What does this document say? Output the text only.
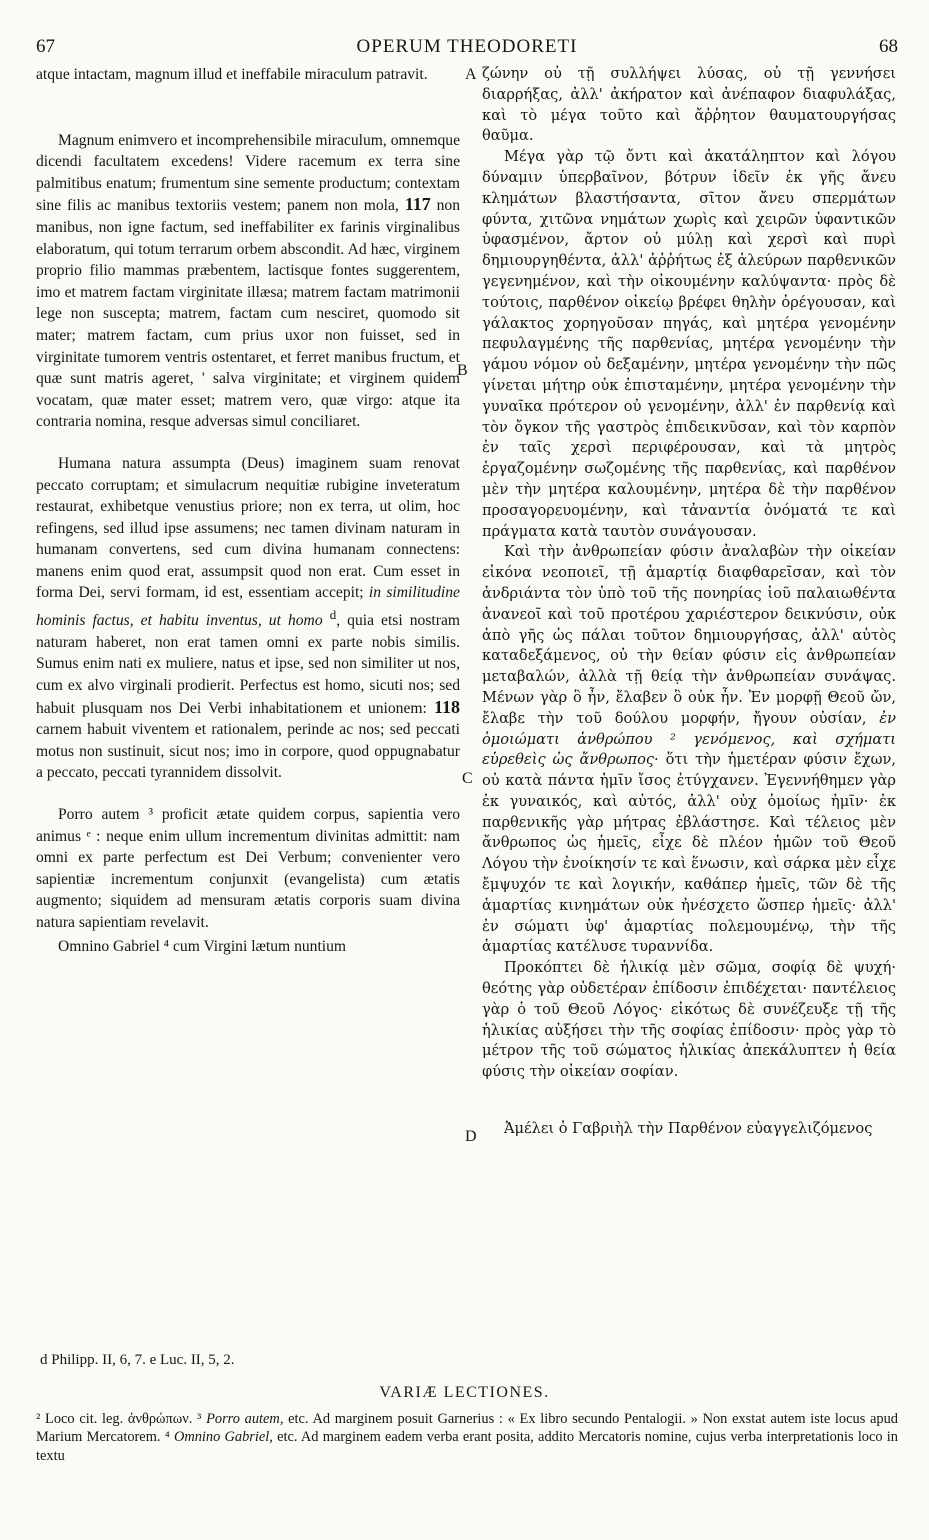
67	OPERUM THEODORETI	68
A
B
C
D

atque intactam, magnum illud et ineffabile miraculum patravit.

Magnum enimvero et incomprehensibile miraculum, omnemque dicendi facultatem excedens! Videre racemum ex terra sine palmitibus enatum; frumentum sine semente productum; contextam sine filis ac manibus textoriis vestem; panem non mola, 117 non manibus, non igne factum, sed ineffabiliter ex farinis virginalibus elaboratum, qui totum terrarum orbem abscondit. Ad hæc, virginem proprio filio mammas præbentem, lactisque fontes suggerentem, imo et matrem factam virginitate illæsa; matrem factam matrimonii lege non suscepta; matrem, factam cum nesciret, quomodo sit mater; matrem factam, cum prius uxor non fuisset, sed in virginitate tumorem ventris ostentaret, et ferret manibus fructum, et quæ sunt matris ageret, ' salva virginitate; et virginem quidem vocatam, quæ mater esset; matrem vero, quæ virgo: atque ita contraria nomina, resque adversas simul conciliaret.

Humana natura assumpta (Deus) imaginem suam renovat peccato corruptam; et simulacrum nequitiæ rubigine inveteratum restaurat, exhibetque venustius priore; non ex terra, ut olim, hoc refingens, sed illud ipse assumens; nec tamen divinam naturam in humanam convertens, sed cum divina humanam connectens: manens enim quod erat, assumpsit quod non erat. Cum esset in forma Dei, servi formam, id est, essentiam accepit; in similitudine hominis factus, et habitu inventus, ut homo $^d$, quia etsi nostram naturam haberet, non erat tamen omni ex parte nobis similis. Sumus enim nati ex muliere, natus et ipse, sed non similiter ut nos, cum ex alvo virginali prodierit. Perfectus est homo, sicuti nos; sed habuit plusquam nos Dei Verbi inhabitationem et unionem: 118 carnem habuit viventem et rationalem, perinde ac nos; sed peccati motus non sustinuit, sicut nos; imo in corpore, quod oppugnabatur a peccato, peccati tyrannidem dissolvit.

Porro autem ³ proficit ætate quidem corpus, sapientia vero animus ᵉ : neque enim ullum incrementum divinitas admittit: nam omni ex parte perfectum est Dei Verbum; convenienter vero sapientiæ incrementum conjunxit (evangelista) cum ætatis augmento; siquidem ad mensuram ætatis corporis suam divina natura sapientiam revelavit.

Omnino Gabriel ⁴ cum Virgini lætum nuntium

ζώνην οὐ τῇ συλλήψει λύσας, οὐ τῇ γεννήσει διαρρήξας, ἀλλ' ἀκήρατον καὶ ἀνέπαφον διαφυλάξας, καὶ τὸ μέγα τοῦτο καὶ ἄῤῥητον θαυματουργήσας θαῦμα.

Μέγα γὰρ τῷ ὄντι καὶ ἀκατάληπτον καὶ λόγου δύναμιν ὑπερβαῖνον, βότρυν ἰδεῖν ἐκ γῆς ἄνευ κλημάτων βλαστήσαντα, σῖτον ἄνευ σπερμάτων φύντα, χιτῶνα νημάτων χωρὶς καὶ χειρῶν ὑφαντικῶν ὑφασμένον, ἄρτον οὐ μύλῃ καὶ χερσὶ καὶ πυρὶ δημιουργηθέντα, ἀλλ' ἀῤῥήτως ἐξ ἀλεύρων παρθενικῶν γεγενημένον, καὶ τὴν οἰκουμένην καλύψαντα· πρὸς δὲ τούτοις, παρθένον οἰκείῳ βρέφει θηλὴν ὀρέγουσαν, καὶ γάλακτος χορηγοῦσαν πηγάς, καὶ μητέρα γενομένην πεφυλαγμένης τῆς παρθενίας, μητέρα γενομένην τὴν γάμου νόμον οὐ δεξαμένην, μητέρα γενομένην τὴν πῶς γίνεται μήτηρ οὐκ ἐπισταμένην, μητέρα γενομένην τὴν γυναῖκα πρότερον οὐ γενομένην, ἀλλ' ἐν παρθενίᾳ καὶ τὸν ὄγκον τῆς γαστρὸς ἐπιδεικνῦσαν, καὶ τὸν καρπὸν ἐν ταῖς χερσὶ περιφέρουσαν, καὶ τὰ μητρὸς ἐργαζομένην σωζομένης τῆς παρθενίας, καὶ παρθένον μὲν τὴν μητέρα καλουμένην, μητέρα δὲ τὴν παρθένον προσαγορευομένην, καὶ τἀναντία ὀνόματά τε καὶ πράγματα κατὰ ταυτὸν συνάγουσαν.

Καὶ τὴν ἀνθρωπείαν φύσιν ἀναλαβὼν τὴν οἰκείαν εἰκόνα νεοποιεῖ, τῇ ἁμαρτίᾳ διαφθαρεῖσαν, καὶ τὸν ἀνδριάντα τὸν ὑπὸ τοῦ τῆς πονηρίας ἰοῦ παλαιωθέντα ἀνανεοῖ καὶ τοῦ προτέρου χαριέστερον δεικνύσιν, οὐκ ἀπὸ γῆς ὡς πάλαι τοῦτον δημιουργήσας, ἀλλ' αὐτὸς καταδεξάμενος, οὐ τὴν θείαν φύσιν εἰς ἀνθρωπείαν μεταβαλών, ἀλλὰ τῇ θείᾳ τὴν ἀνθρωπείαν συνάψας. Μένων γὰρ ὃ ἦν, ἔλαβεν ὃ οὐκ ἦν. Ἐν μορφῇ Θεοῦ ὤν, ἔλαβε τὴν τοῦ δούλου μορφήν, ἤγουν οὐσίαν, ἐν ὁμοιώματι ἀνθρώπου ² γενόμενος, καὶ σχήματι εὑρεθεὶς ὡς ἄνθρωπος· ὅτι τὴν ἡμετέραν φύσιν ἔχων, οὐ κατὰ πάντα ἡμῖν ἴσος ἐτύγχανεν. Ἐγεννήθημεν γὰρ ἐκ γυναικός, καὶ αὐτός, ἀλλ' οὐχ ὁμοίως ἡμῖν· ἐκ παρθενικῆς γὰρ μήτρας ἐβλάστησε. Καὶ τέλειος μὲν ἄνθρωπος ὡς ἡμεῖς, εἶχε δὲ πλέον ἡμῶν τοῦ Θεοῦ Λόγου τὴν ἐνοίκησίν τε καὶ ἕνωσιν, καὶ σάρκα μὲν εἶχε ἔμψυχόν τε καὶ λογικήν, καθάπερ ἡμεῖς, τῶν δὲ τῆς ἁμαρτίας κινημάτων οὐκ ἠνέσχετο ὥσπερ ἡμεῖς· ἀλλ' ἐν σώματι ὑφ' ἁμαρτίας πολεμουμένῳ, τὴν τῆς ἁμαρτίας κατέλυσε τυραννίδα.

Προκόπτει δὲ ἡλικίᾳ μὲν σῶμα, σοφίᾳ δὲ ψυχή· θεότης γὰρ οὐδετέραν ἐπίδοσιν ἐπιδέχεται· παντέλειος γὰρ ὁ τοῦ Θεοῦ Λόγος· εἰκότως δὲ συνέζευξε τῇ τῆς ἡλικίας αὐξήσει τὴν τῆς σοφίας ἐπίδοσιν· πρὸς γὰρ τὸ μέτρον τῆς τοῦ σώματος ἡλικίας ἀπεκάλυπτεν ἡ θεία φύσις τὴν οἰκείαν σοφίαν.

Ἀμέλει ὁ Γαβριὴλ τὴν Παρθένον εὐαγγελιζόμενος

d Philipp. II, 6, 7. e Luc. II, 5, 2.
VARIÆ LECTIONES.
² Loco cit. leg. ἀνθρώπων. ³ Porro autem, etc. Ad marginem posuit Garnerius : « Ex libro secundo Pentalogii. » Non exstat autem iste locus apud Marium Mercatorem. ⁴ Omnino Gabriel, etc. Ad marginem eadem verba erant posita, addito Mercatoris nomine, cujus verba interpretationis loco in textu
